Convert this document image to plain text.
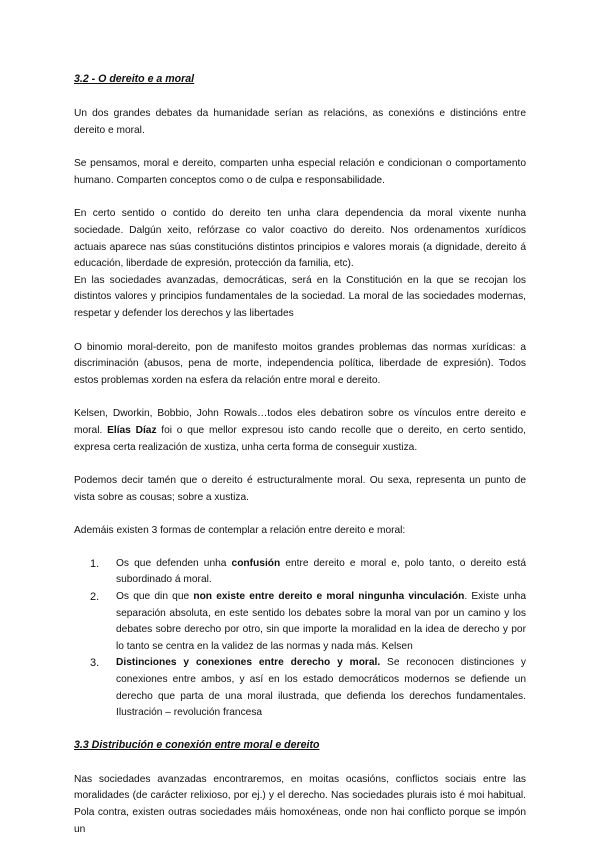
3.2 - O dereito e a moral

Un dos grandes debates da humanidade serían as relacións, as conexións e distincións entre dereito e moral.

Se pensamos, moral e dereito, comparten unha especial relación e condicionan o comportamento humano. Comparten conceptos como o de culpa e responsabilidade.

En certo sentido o contido do dereito ten unha clara dependencia da moral vixente nunha sociedade. Dalgún xeito, refórzase co valor coactivo do dereito. Nos ordenamentos xurídicos actuais aparece nas súas constitucións distintos principios e valores morais (a dignidade, dereito á educación, liberdade de expresión, protección da familia, etc).

En las sociedades avanzadas, democráticas, será en la Constitución en la que se recojan los distintos valores y principios fundamentales de la sociedad. La moral de las sociedades modernas, respetar y defender los derechos y las libertades

O binomio moral-dereito, pon de manifesto moitos grandes problemas das normas xurídicas: a discriminación (abusos, pena de morte, independencia política, liberdade de expresión). Todos estos problemas xorden na esfera da relación entre moral e dereito.

Kelsen, Dworkin, Bobbio, John Rowals…todos eles debatiron sobre os vínculos entre dereito e moral. Elías Díaz foi o que mellor expresou isto cando recolle que o dereito, en certo sentido, expresa certa realización de xustiza, unha certa forma de conseguir xustiza.

Podemos decir tamén que o dereito é estructuralmente moral. Ou sexa, representa un punto de vista sobre as cousas; sobre a xustiza.

Ademáis existen 3 formas de contemplar a relación entre dereito e moral:

1. Os que defenden unha confusión entre dereito e moral e, polo tanto, o dereito está subordinado á moral.
2. Os que din que non existe entre dereito e moral ningunha vinculación. Existe unha separación absoluta, en este sentido los debates sobre la moral van por un camino y los debates sobre derecho por otro, sin que importe la moralidad en la idea de derecho y por lo tanto se centra en la validez de las normas y nada más. Kelsen
3. Distinciones y conexiones entre derecho y moral. Se reconocen distinciones y conexiones entre ambos, y así en los estado democráticos modernos se defiende un derecho que parta de una moral ilustrada, que defienda los derechos fundamentales. Ilustración – revolución francesa
3.3 Distribución e conexión entre moral e dereito

Nas sociedades avanzadas encontraremos, en moitas ocasións, conflictos sociais entre las moralidades (de carácter relixioso, por ej.) y el derecho. Nas sociedades plurais isto é moi habitual. Pola contra, existen outras sociedades máis homoxéneas, onde non hai conflicto porque se impón un
